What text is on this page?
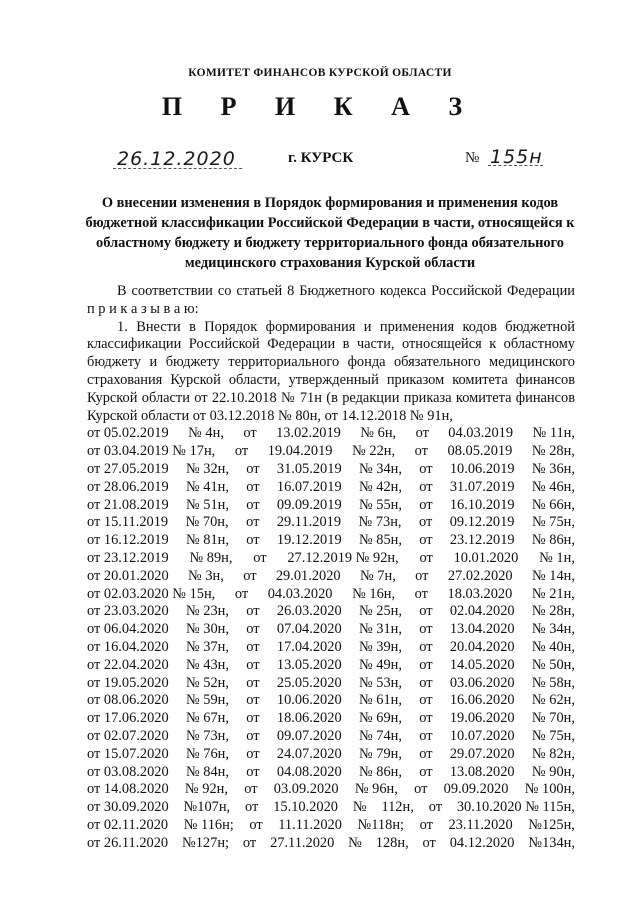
КОМИТЕТ ФИНАНСОВ КУРСКОЙ ОБЛАСТИ
П Р И К А З
26.12.2020	г. КУРСК	№ 155н
О внесении изменения в Порядок формирования и применения кодов бюджетной классификации Российской Федерации в части, относящейся к областному бюджету и бюджету территориального фонда обязательного медицинского страхования Курской области

В соответствии со статьей 8 Бюджетного кодекса Российской Федерации п р и к а з ы в а ю:

1. Внести в Порядок формирования и применения кодов бюджетной классификации Российской Федерации в части, относящейся к областному бюджету и бюджету территориального фонда обязательного медицинского страхования Курской области, утвержденный приказом комитета финансов Курской области от 22.10.2018 № 71н (в редакции приказа комитета финансов Курской области от 03.12.2018 № 80н, от 14.12.2018 № 91н,

от 05.02.2019 № 4н, от 13.02.2019 № 6н, от 04.03.2019 № 11н,
от 03.04.2019 № 17н, от 19.04.2019 № 22н, от 08.05.2019 № 28н,
от 27.05.2019 № 32н, от 31.05.2019 № 34н, от 10.06.2019 № 36н,
от 28.06.2019 № 41н, от 16.07.2019 № 42н, от 31.07.2019 № 46н,
от 21.08.2019 № 51н, от 09.09.2019 № 55н, от 16.10.2019 № 66н,
от 15.11.2019 № 70н, от 29.11.2019 № 73н, от 09.12.2019 № 75н,
от 16.12.2019 № 81н, от 19.12.2019 № 85н, от 23.12.2019 № 86н,
от 23.12.2019 № 89н, от 27.12.2019 № 92н, от 10.01.2020 № 1н,
от 20.01.2020 № 3н, от 29.01.2020 № 7н, от 27.02.2020 № 14н,
от 02.03.2020 № 15н, от 04.03.2020 № 16н, от 18.03.2020 № 21н,
от 23.03.2020 № 23н, от 26.03.2020 № 25н, от 02.04.2020 № 28н,
от 06.04.2020 № 30н, от 07.04.2020 № 31н, от 13.04.2020 № 34н,
от 16.04.2020 № 37н, от 17.04.2020 № 39н, от 20.04.2020 № 40н,
от 22.04.2020 № 43н, от 13.05.2020 № 49н, от 14.05.2020 № 50н,
от 19.05.2020 № 52н, от 25.05.2020 № 53н, от 03.06.2020 № 58н,
от 08.06.2020 № 59н, от 10.06.2020 № 61н, от 16.06.2020 № 62н,
от 17.06.2020 № 67н, от 18.06.2020 № 69н, от 19.06.2020 № 70н,
от 02.07.2020 № 73н, от 09.07.2020 № 74н, от 10.07.2020 № 75н,
от 15.07.2020 № 76н, от 24.07.2020 № 79н, от 29.07.2020 № 82н,
от 03.08.2020 № 84н, от 04.08.2020 № 86н, от 13.08.2020 № 90н,
от 14.08.2020 № 92н, от 03.09.2020 № 96н, от 09.09.2020 № 100н,
от 30.09.2020 №107н, от 15.10.2020 № 112н, от 30.10.2020 № 115н,
от 02.11.2020 № 116н; от 11.11.2020 №118н; от 23.11.2020 №125н,
от 26.11.2020 №127н; от 27.11.2020 № 128н, от 04.12.2020 №134н,
